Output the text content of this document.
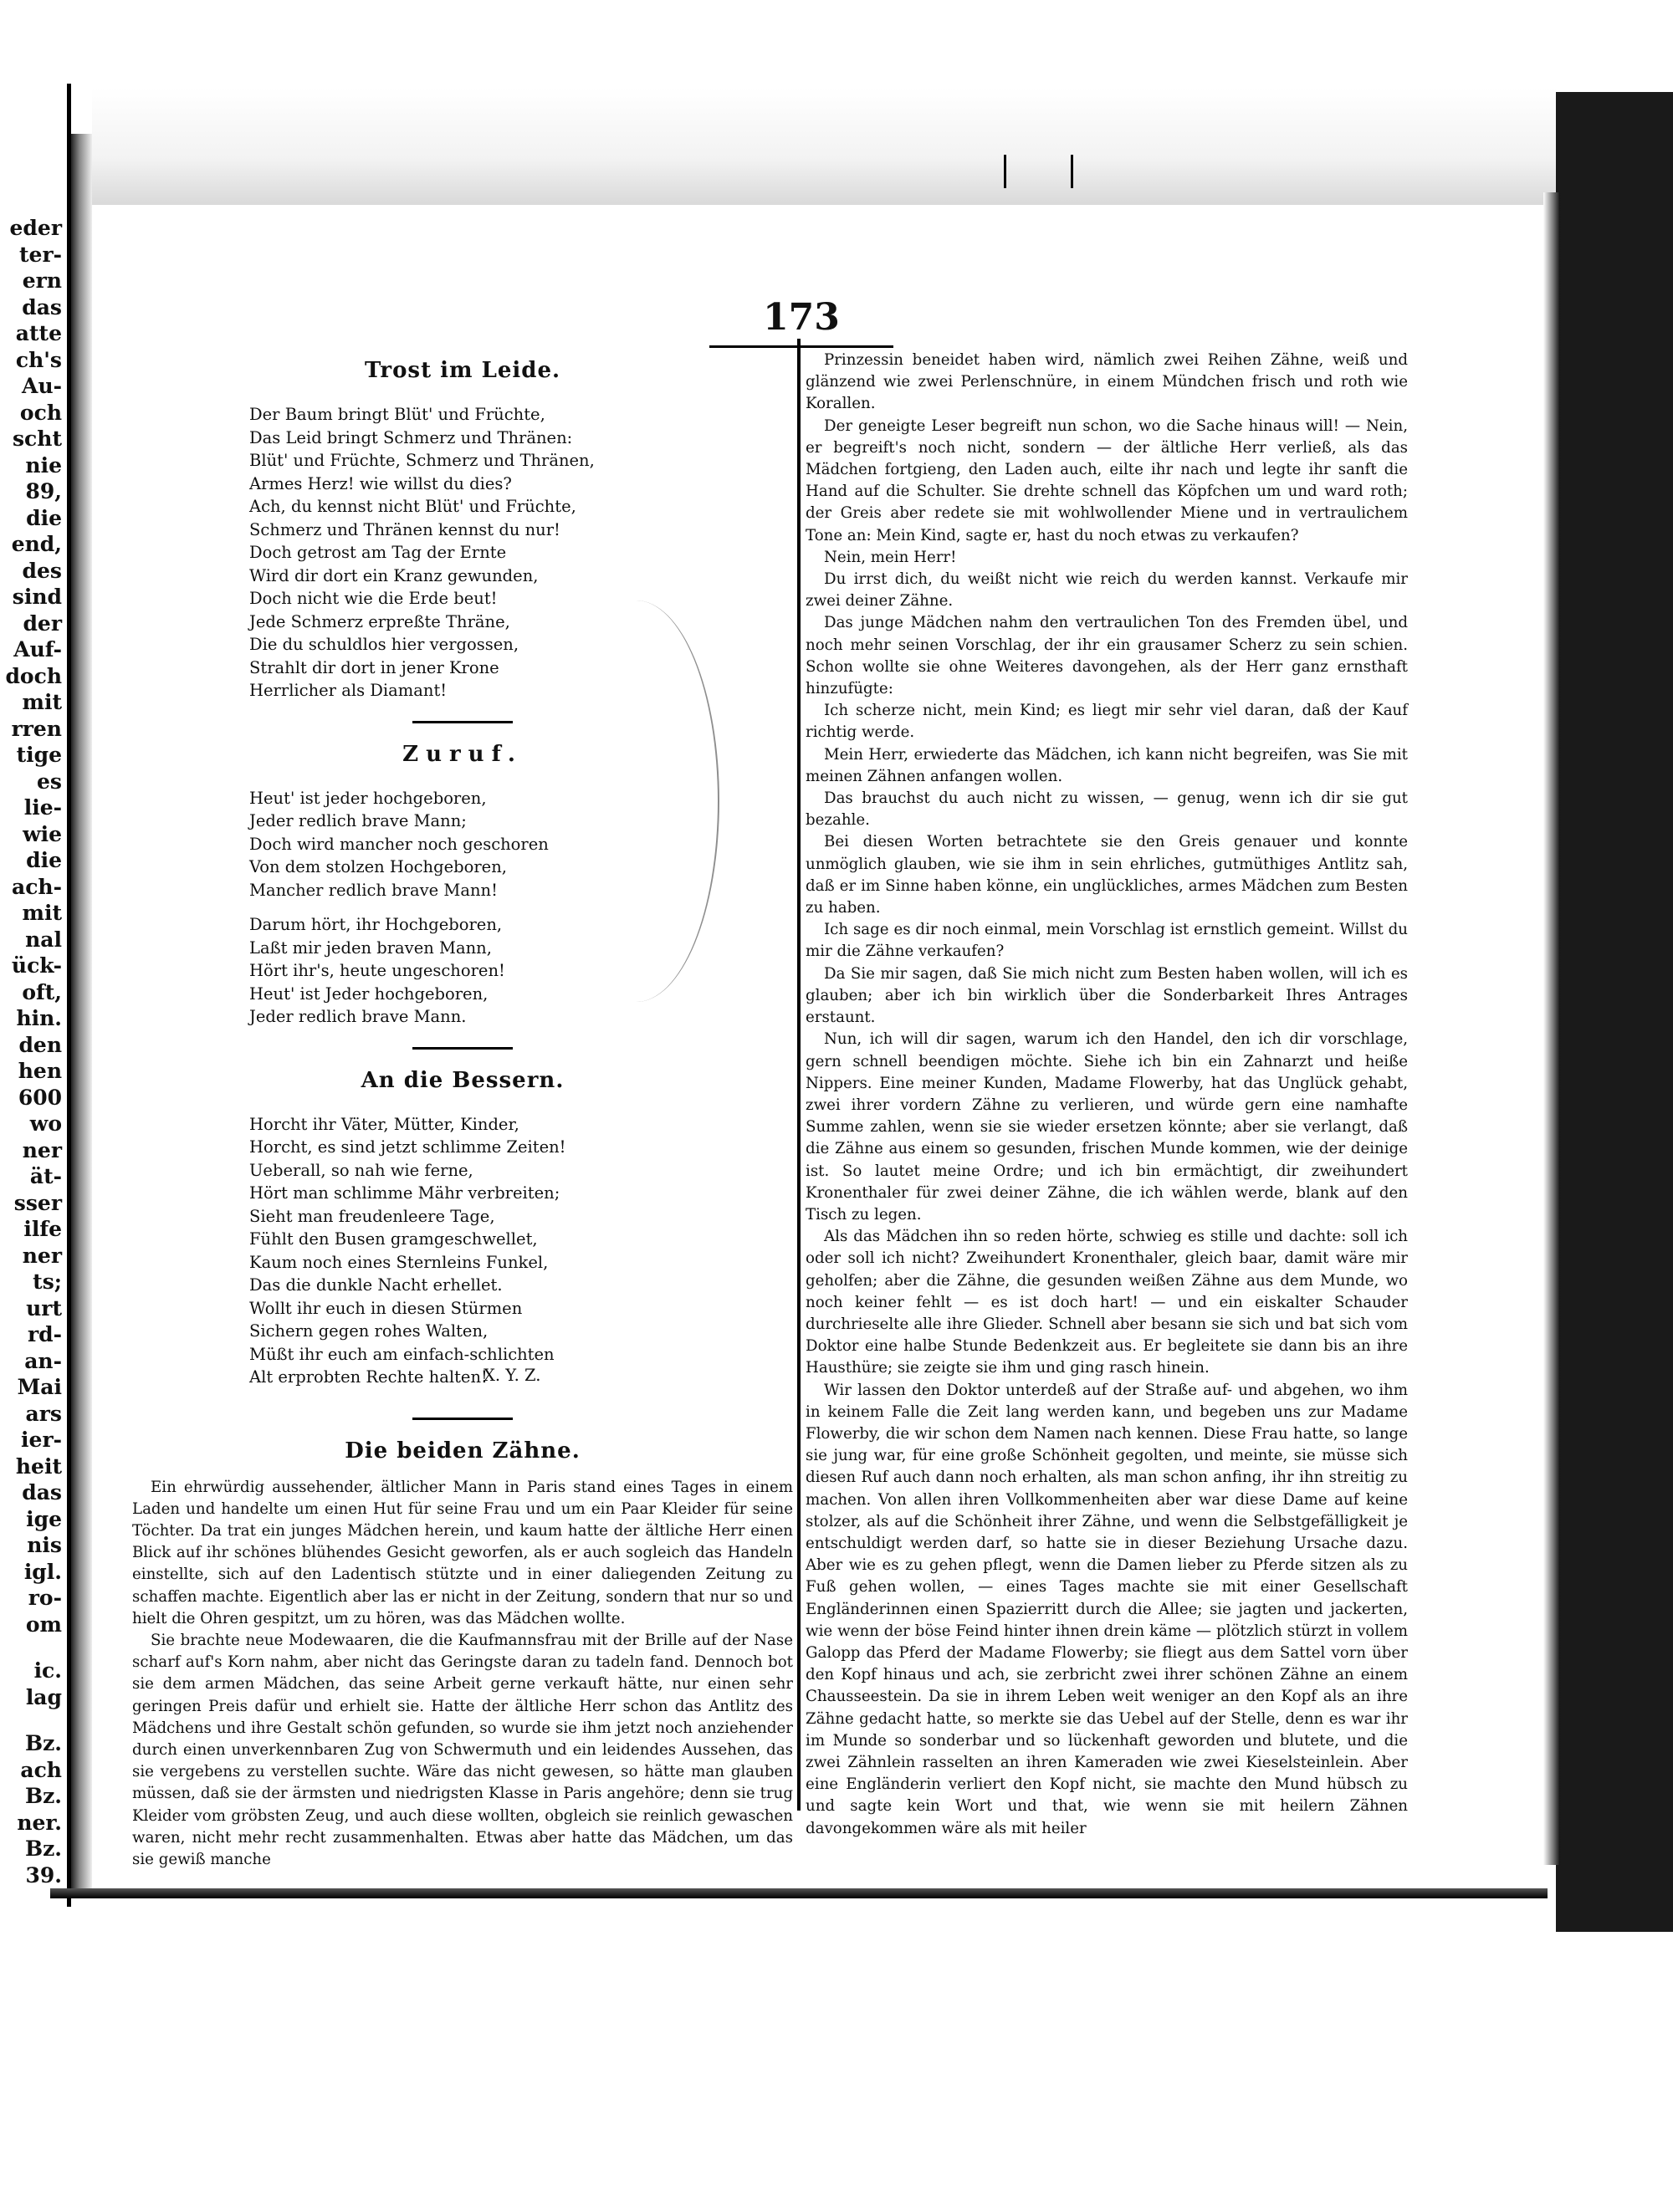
eder
ter-
ern
das
atte
ch's
Au-
och
scht
nie
89,
die
end,
des
sind
der
Auf-
doch
mit
rren
tige
es
lie-
wie
die
ach-
mit
nal
ück-
oft,
hin.
den
hen
600
wo
ner
ät-
sser
ilfe
ner
ts;
urt
rd-
an-
Mai
ars
ier-
heit
das
ige
nis
igl.
ro-
om
ic.
lag
Bz.
ach
Bz.
ner.
Bz.
39.
173
Trost im Leide.
Der Baum bringt Blüt' und Früchte,
Das Leid bringt Schmerz und Thränen:
Blüt' und Früchte, Schmerz und Thränen,
Armes Herz! wie willst du dies?
Ach, du kennst nicht Blüt' und Früchte,
Schmerz und Thränen kennst du nur!
Doch getrost am Tag der Ernte
Wird dir dort ein Kranz gewunden,
Doch nicht wie die Erde beut!
Jede Schmerz erpreßte Thräne,
Die du schuldlos hier vergossen,
Strahlt dir dort in jener Krone
Herrlicher als Diamant!
Zuruf.
Heut' ist jeder hochgeboren,
Jeder redlich brave Mann;
Doch wird mancher noch geschoren
Von dem stolzen Hochgeboren,
Mancher redlich brave Mann!
Darum hört, ihr Hochgeboren,
Laßt mir jeden braven Mann,
Hört ihr's, heute ungeschoren!
Heut' ist Jeder hochgeboren,
Jeder redlich brave Mann.
An die Bessern.
Horcht ihr Väter, Mütter, Kinder,
Horcht, es sind jetzt schlimme Zeiten!
Ueberall, so nah wie ferne,
Hört man schlimme Mähr verbreiten;
Sieht man freudenleere Tage,
Fühlt den Busen gramgeschwellet,
Kaum noch eines Sternleins Funkel,
Das die dunkle Nacht erhellet.
Wollt ihr euch in diesen Stürmen
Sichern gegen rohes Walten,
Müßt ihr euch am einfach-schlichten
Alt erprobten Rechte halten!
X. Y. Z.
Die beiden Zähne.

Ein ehrwürdig aussehender, ältlicher Mann in Paris stand eines Tages in einem Laden und handelte um einen Hut für seine Frau und um ein Paar Kleider für seine Töchter. Da trat ein junges Mädchen herein, und kaum hatte der ältliche Herr einen Blick auf ihr schönes blühendes Gesicht geworfen, als er auch sogleich das Handeln einstellte, sich auf den Ladentisch stützte und in einer daliegenden Zeitung zu schaffen machte. Eigentlich aber las er nicht in der Zeitung, sondern that nur so und hielt die Ohren gespitzt, um zu hören, was das Mädchen wollte.

Sie brachte neue Modewaaren, die die Kaufmannsfrau mit der Brille auf der Nase scharf auf's Korn nahm, aber nicht das Geringste daran zu tadeln fand. Dennoch bot sie dem armen Mädchen, das seine Arbeit gerne verkauft hätte, nur einen sehr geringen Preis dafür und erhielt sie. Hatte der ältliche Herr schon das Antlitz des Mädchens und ihre Gestalt schön gefunden, so wurde sie ihm jetzt noch anziehender durch einen unverkennbaren Zug von Schwermuth und ein leidendes Aussehen, das sie vergebens zu verstellen suchte. Wäre das nicht gewesen, so hätte man glauben müssen, daß sie der ärmsten und niedrigsten Klasse in Paris angehöre; denn sie trug Kleider vom gröbsten Zeug, und auch diese wollten, obgleich sie reinlich gewaschen waren, nicht mehr recht zusammenhalten. Etwas aber hatte das Mädchen, um das sie gewiß manche

Prinzessin beneidet haben wird, nämlich zwei Reihen Zähne, weiß und glänzend wie zwei Perlenschnüre, in einem Mündchen frisch und roth wie Korallen.

Der geneigte Leser begreift nun schon, wo die Sache hinaus will! — Nein, er begreift's noch nicht, sondern — der ältliche Herr verließ, als das Mädchen fortgieng, den Laden auch, eilte ihr nach und legte ihr sanft die Hand auf die Schulter. Sie drehte schnell das Köpfchen um und ward roth; der Greis aber redete sie mit wohlwollender Miene und in vertraulichem Tone an: Mein Kind, sagte er, hast du noch etwas zu verkaufen?

Nein, mein Herr!

Du irrst dich, du weißt nicht wie reich du werden kannst. Verkaufe mir zwei deiner Zähne.

Das junge Mädchen nahm den vertraulichen Ton des Fremden übel, und noch mehr seinen Vorschlag, der ihr ein grausamer Scherz zu sein schien. Schon wollte sie ohne Weiteres davongehen, als der Herr ganz ernsthaft hinzufügte:

Ich scherze nicht, mein Kind; es liegt mir sehr viel daran, daß der Kauf richtig werde.

Mein Herr, erwiederte das Mädchen, ich kann nicht begreifen, was Sie mit meinen Zähnen anfangen wollen.

Das brauchst du auch nicht zu wissen, — genug, wenn ich dir sie gut bezahle.

Bei diesen Worten betrachtete sie den Greis genauer und konnte unmöglich glauben, wie sie ihm in sein ehrliches, gutmüthiges Antlitz sah, daß er im Sinne haben könne, ein unglückliches, armes Mädchen zum Besten zu haben.

Ich sage es dir noch einmal, mein Vorschlag ist ernstlich gemeint. Willst du mir die Zähne verkaufen?

Da Sie mir sagen, daß Sie mich nicht zum Besten haben wollen, will ich es glauben; aber ich bin wirklich über die Sonderbarkeit Ihres Antrages erstaunt.

Nun, ich will dir sagen, warum ich den Handel, den ich dir vorschlage, gern schnell beendigen möchte. Siehe ich bin ein Zahnarzt und heiße Nippers. Eine meiner Kunden, Madame Flowerby, hat das Unglück gehabt, zwei ihrer vordern Zähne zu verlieren, und würde gern eine namhafte Summe zahlen, wenn sie sie wieder ersetzen könnte; aber sie verlangt, daß die Zähne aus einem so gesunden, frischen Munde kommen, wie der deinige ist. So lautet meine Ordre; und ich bin ermächtigt, dir zweihundert Kronenthaler für zwei deiner Zähne, die ich wählen werde, blank auf den Tisch zu legen.

Als das Mädchen ihn so reden hörte, schwieg es stille und dachte: soll ich oder soll ich nicht? Zweihundert Kronenthaler, gleich baar, damit wäre mir geholfen; aber die Zähne, die gesunden weißen Zähne aus dem Munde, wo noch keiner fehlt — es ist doch hart! — und ein eiskalter Schauder durchrieselte alle ihre Glieder. Schnell aber besann sie sich und bat sich vom Doktor eine halbe Stunde Bedenkzeit aus. Er begleitete sie dann bis an ihre Hausthüre; sie zeigte sie ihm und ging rasch hinein.

Wir lassen den Doktor unterdeß auf der Straße auf- und abgehen, wo ihm in keinem Falle die Zeit lang werden kann, und begeben uns zur Madame Flowerby, die wir schon dem Namen nach kennen. Diese Frau hatte, so lange sie jung war, für eine große Schönheit gegolten, und meinte, sie müsse sich diesen Ruf auch dann noch erhalten, als man schon anfing, ihr ihn streitig zu machen. Von allen ihren Vollkommenheiten aber war diese Dame auf keine stolzer, als auf die Schönheit ihrer Zähne, und wenn die Selbstgefälligkeit je entschuldigt werden darf, so hatte sie in dieser Beziehung Ursache dazu. Aber wie es zu gehen pflegt, wenn die Damen lieber zu Pferde sitzen als zu Fuß gehen wollen, — eines Tages machte sie mit einer Gesellschaft Engländerinnen einen Spazierritt durch die Allee; sie jagten und jackerten, wie wenn der böse Feind hinter ihnen drein käme — plötzlich stürzt in vollem Galopp das Pferd der Madame Flowerby; sie fliegt aus dem Sattel vorn über den Kopf hinaus und ach, sie zerbricht zwei ihrer schönen Zähne an einem Chausseestein. Da sie in ihrem Leben weit weniger an den Kopf als an ihre Zähne gedacht hatte, so merkte sie das Uebel auf der Stelle, denn es war ihr im Munde so sonderbar und so lückenhaft geworden und blutete, und die zwei Zähnlein rasselten an ihren Kameraden wie zwei Kieselsteinlein. Aber eine Engländerin verliert den Kopf nicht, sie machte den Mund hübsch zu und sagte kein Wort und that, wie wenn sie mit heilern Zähnen davongekommen wäre als mit heiler
